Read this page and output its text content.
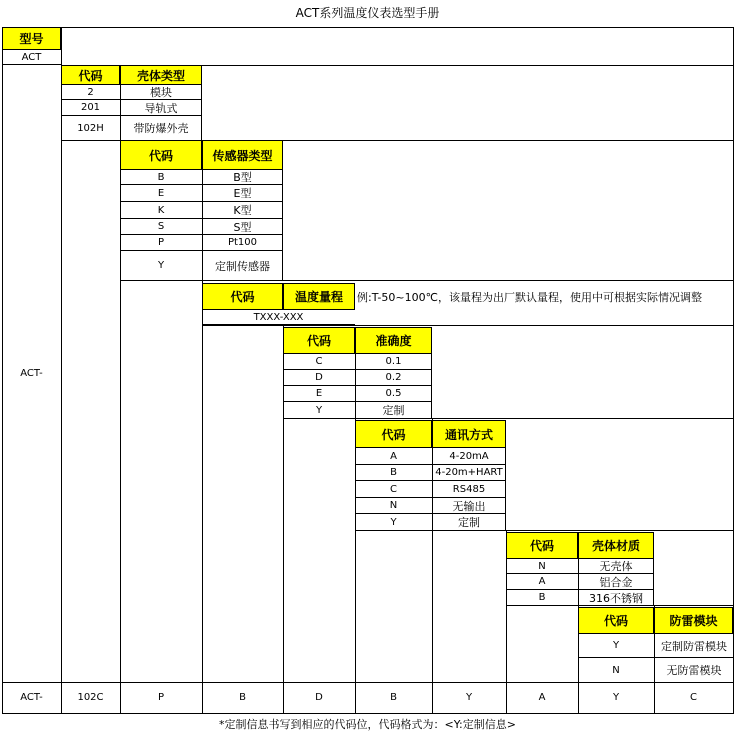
ACT系列温度仪表选型手册
型号
ACT
ACT-
代码	壳体类型
2	模块
201	导轨式
102H	带防爆外壳
代码	传感器类型
B	B型
E	E型
K	K型
S	S型
P	Pt100
Y	定制传感器
代码	温度量程	例:T-50~100℃，该量程为出厂默认量程，使用中可根据实际情况调整
TXXX-XXX
代码	准确度
C	0.1
D	0.2
E	0.5
Y	定制
代码	通讯方式
A	4-20mA
B	4-20m+HART
C	RS485
N	无输出
Y	定制
代码	壳体材质
N	无壳体
A	铝合金
B	316不锈钢
代码	防雷模块
Y	定制防雷模块
N	无防雷模块
ACT-	102C	P	B	D	B	Y	A	Y	C
*定制信息书写到相应的代码位，代码格式为：<Y:定制信息>
